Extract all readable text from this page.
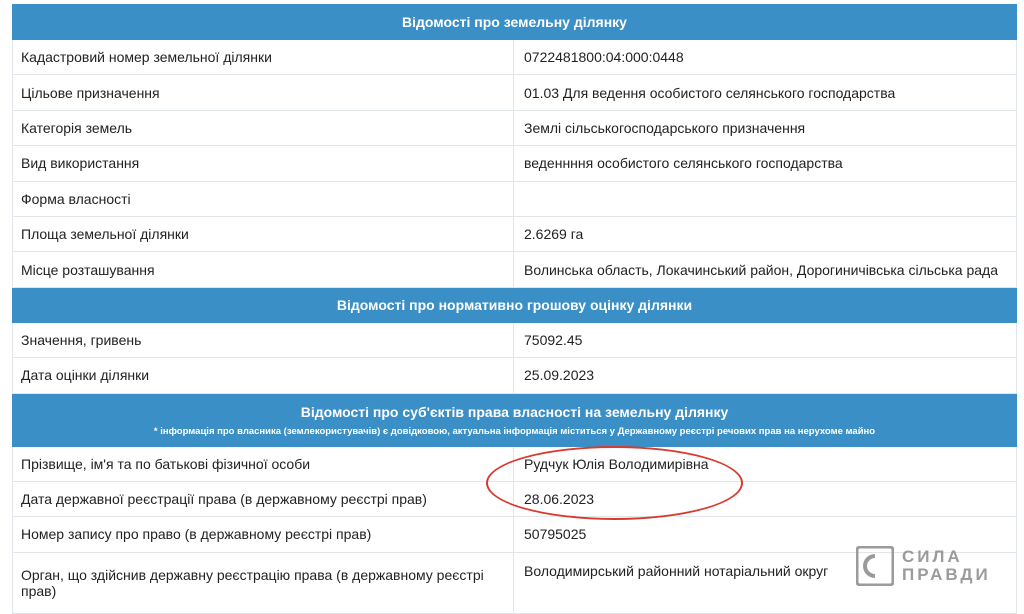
Відомості про земельну ділянку	
Кадастровий номер земельної ділянки	0722481800:04:000:0448
Цільове призначення	01.03 Для ведення особистого селянського господарства
Категорія земель	Землі сільськогосподарського призначення
Вид використання	веденнння особистого селянського господарства
Форма власності	
Площа земельної ділянки	2.6269 га
Місце розташування	Волинська область, Локачинський район, Дорогиничівська сільська рада
Відомості про нормативно грошову оцінку ділянки	
Значення, гривень	75092.45
Дата оцінки ділянки	25.09.2023

Відомості про суб'єктів права власності на земельну ділянку
* інформація про власника (землекористувачів) є довідковою, актуальна інформація міститься у Державному реєстрі речових прав на нерухоме майно	

Прізвище, ім'я та по батькові фізичної особи	Рудчук Юлія Володимирівна
Дата державної реєстрації права (в державному реєстрі прав)	28.06.2023
Номер запису про право (в державному реєстрі прав)	50795025
Орган, що здійснив державну реєстрацію права (в державному реєстрі прав)	Володимирський районний нотаріальний округ
СИЛА
ПРАВДИ
